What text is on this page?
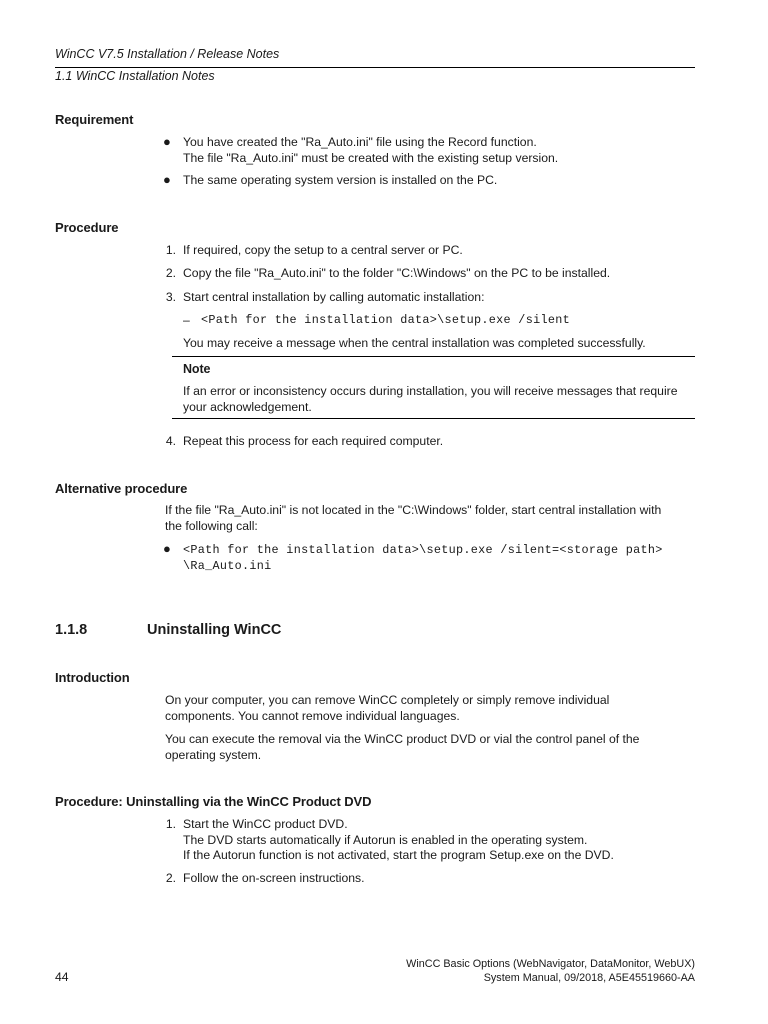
WinCC V7.5 Installation / Release Notes
1.1 WinCC Installation Notes
Requirement
● You have created the "Ra_Auto.ini" file using the Record function.
The file "Ra_Auto.ini" must be created with the existing setup version.
● The same operating system version is installed on the PC.
Procedure
1. If required, copy the setup to a central server or PC.
2. Copy the file "Ra_Auto.ini" to the folder "C:\Windows" on the PC to be installed.
3. Start central installation by calling automatic installation:
– <Path for the installation data>\setup.exe /silent
You may receive a message when the central installation was completed successfully.
Note
If an error or inconsistency occurs during installation, you will receive messages that require
your acknowledgement.
4. Repeat this process for each required computer.
Alternative procedure
If the file "Ra_Auto.ini" is not located in the "C:\Windows" folder, start central installation with
the following call:
● <Path for the installation data>\setup.exe /silent=<storage path>
\Ra_Auto.ini
1.1.8	Uninstalling WinCC
Introduction
On your computer, you can remove WinCC completely or simply remove individual
components. You cannot remove individual languages.
You can execute the removal via the WinCC product DVD or vial the control panel of the
operating system.
Procedure: Uninstalling via the WinCC Product DVD
1. Start the WinCC product DVD.
The DVD starts automatically if Autorun is enabled in the operating system.
If the Autorun function is not activated, start the program Setup.exe on the DVD.
2. Follow the on-screen instructions.
44
WinCC Basic Options (WebNavigator, DataMonitor, WebUX)
System Manual, 09/2018, A5E45519660-AA
